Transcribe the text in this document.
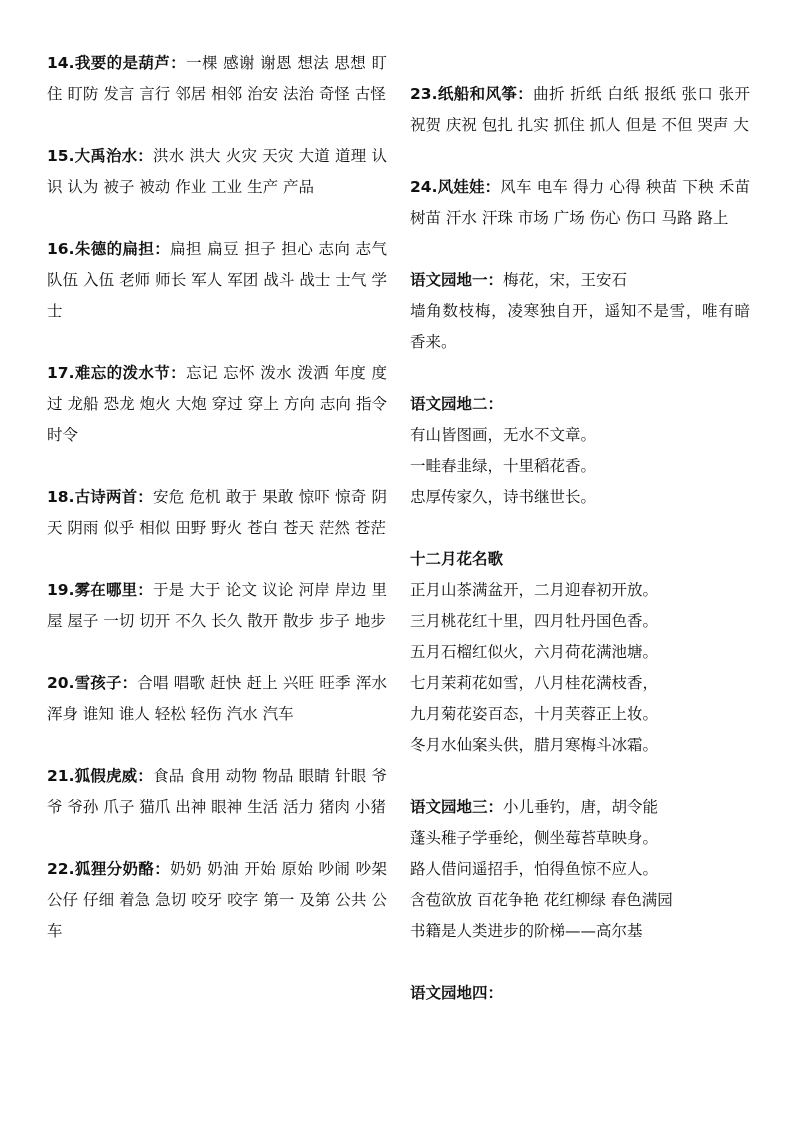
14.我要的是葫芦：一棵 感谢 谢恩 想法 思想 盯住 盯防 发言 言行 邻居 相邻 治安 法治 奇怪 古怪
15.大禹治水：洪水 洪大 火灾 天灾 大道 道理 认识 认为 被子 被动 作业 工业 生产 产品
16.朱德的扁担：扁担 扁豆 担子 担心 志向 志气 队伍 入伍 老师 师长 军人 军团 战斗 战士 士气 学士
17.难忘的泼水节：忘记 忘怀 泼水 泼洒 年度 度过 龙船 恐龙 炮火 大炮 穿过 穿上 方向 志向 指令 时令
18.古诗两首：安危 危机 敢于 果敢 惊吓 惊奇 阴天 阴雨 似乎 相似 田野 野火 苍白 苍天 茫然 苍茫
19.雾在哪里：于是 大于 论文 议论 河岸 岸边 里屋 屋子 一切 切开 不久 长久 散开 散步 步子 地步
20.雪孩子：合唱 唱歌 赶快 赶上 兴旺 旺季 浑水 浑身 谁知 谁人 轻松 轻伤 汽水 汽车
21.狐假虎威：食品 食用 动物 物品 眼睛 针眼 爷爷 爷孙 爪子 猫爪 出神 眼神 生活 活力 猪肉 小猪
22.狐狸分奶酪：奶奶 奶油 开始 原始 吵闹 吵架 公仔 仔细 着急 急切 咬牙 咬字 第一 及第 公共 公车
23.纸船和风筝：曲折 折纸 白纸 报纸 张口 张开 祝贺 庆祝 包扎 扎实 抓住 抓人 但是 不但 哭声 大
24.风娃娃：风车 电车 得力 心得 秧苗 下秧 禾苗 树苗 汗水 汗珠 市场 广场 伤心 伤口 马路 路上
语文园地一：梅花，宋，王安石
墙角数枝梅，凌寒独自开，遥知不是雪，唯有暗香来。
语文园地二：
有山皆图画，无水不文章。
一畦春韭绿，十里稻花香。
忠厚传家久，诗书继世长。
十二月花名歌
正月山茶满盆开，二月迎春初开放。
三月桃花红十里，四月牡丹国色香。
五月石榴红似火，六月荷花满池塘。
七月茉莉花如雪，八月桂花满枝香，
九月菊花姿百态，十月芙蓉正上妆。
冬月水仙案头供，腊月寒梅斗冰霜。
语文园地三：小儿垂钓，唐，胡令能
蓬头稚子学垂纶，侧坐莓苔草映身。
路人借问遥招手，怕得鱼惊不应人。
含苞欲放 百花争艳 花红柳绿 春色满园
书籍是人类进步的阶梯——高尔基
语文园地四：
